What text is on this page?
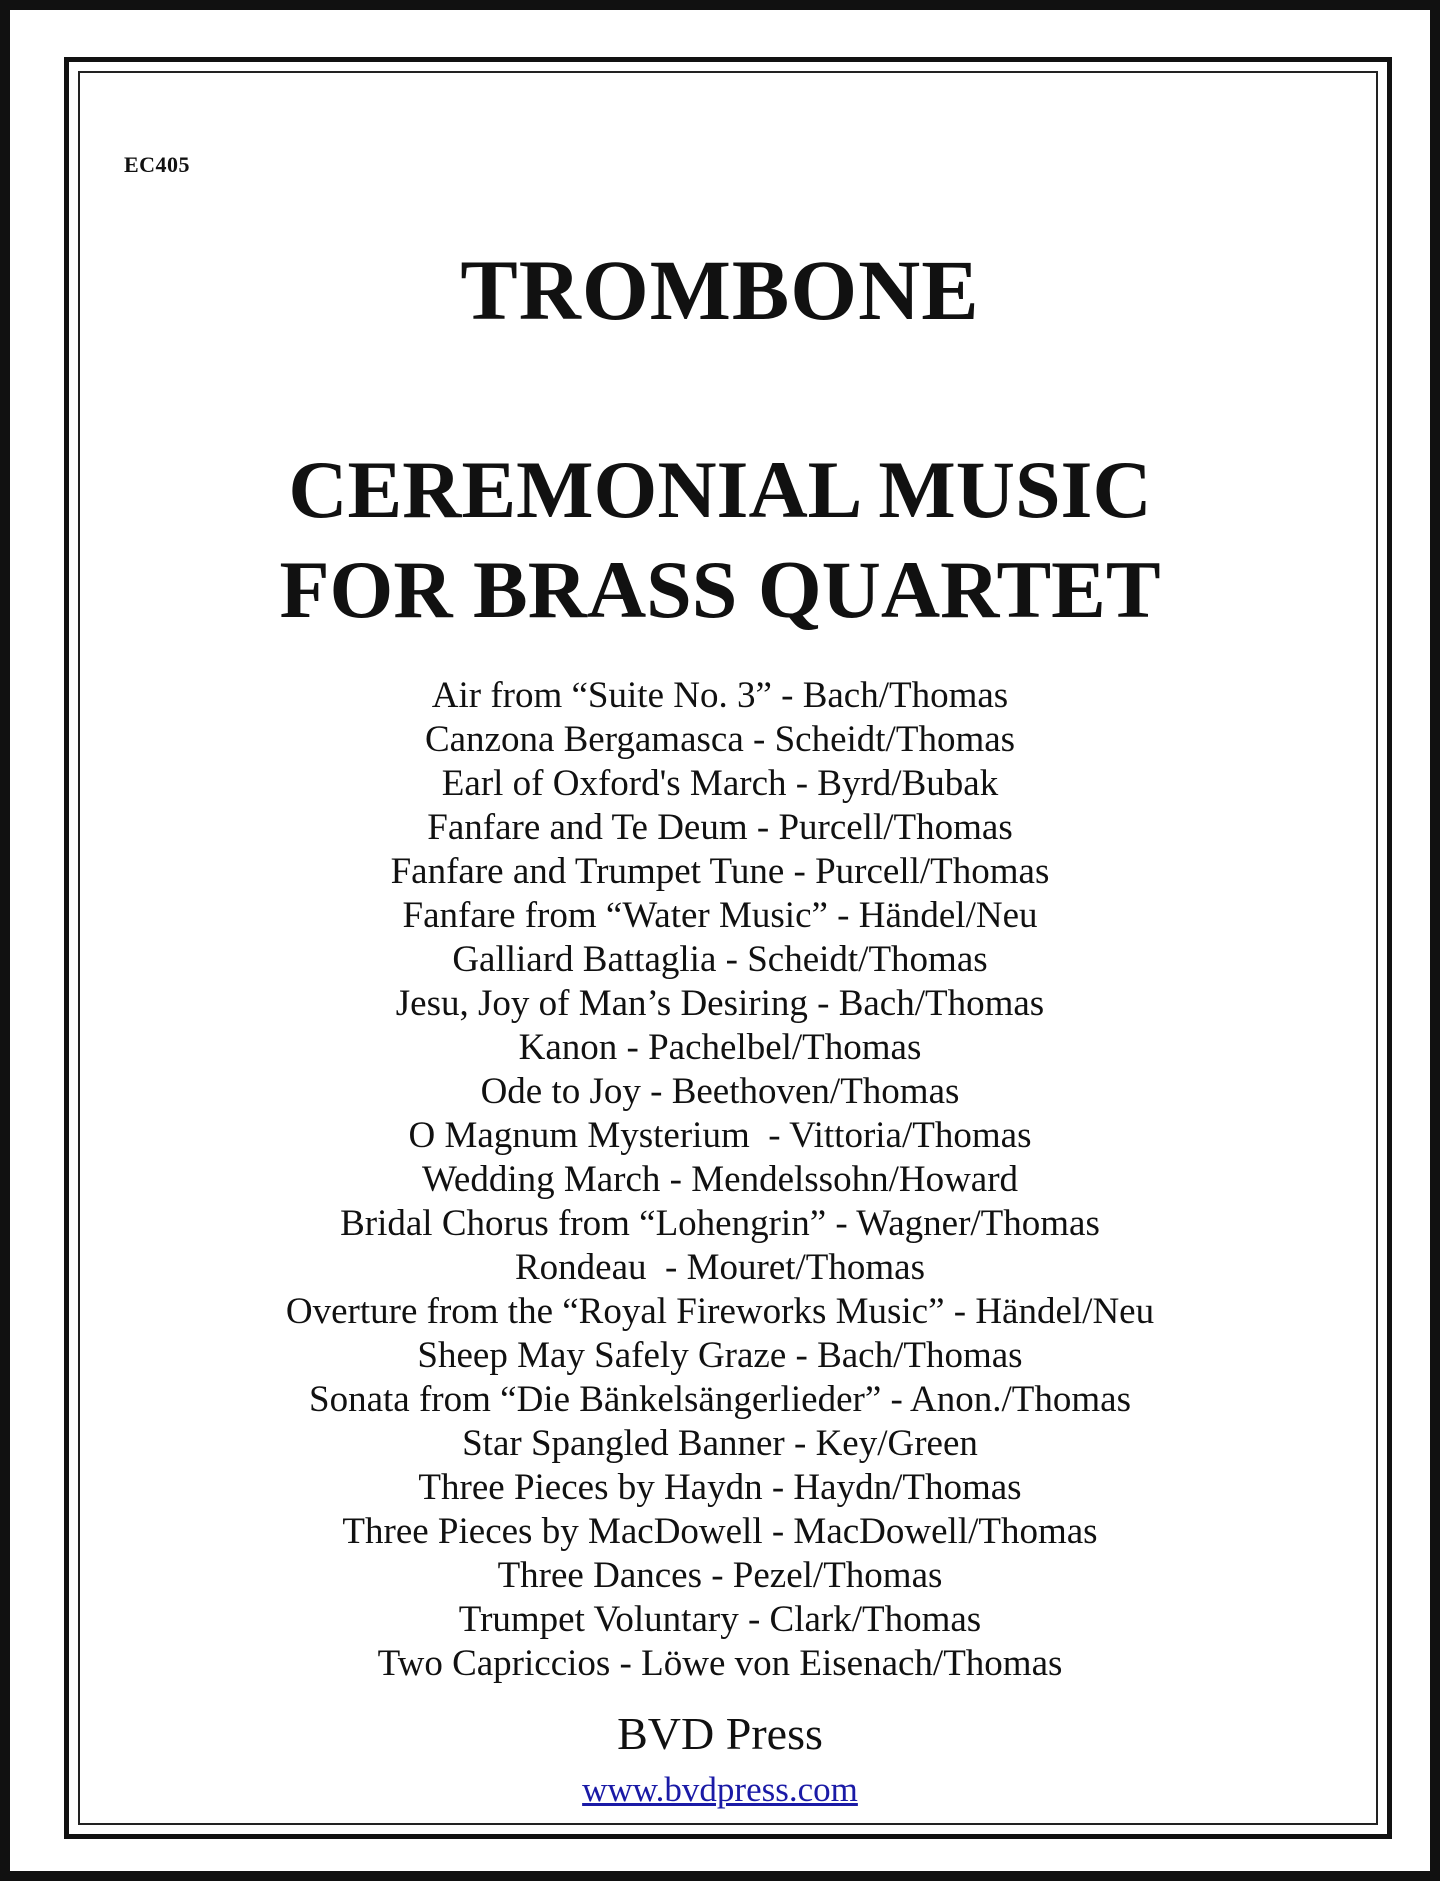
EC405
TROMBONE
CEREMONIAL MUSIC
FOR BRASS QUARTET
Air from “Suite No. 3” - Bach/Thomas
Canzona Bergamasca - Scheidt/Thomas
Earl of Oxford's March - Byrd/Bubak
Fanfare and Te Deum - Purcell/Thomas
Fanfare and Trumpet Tune - Purcell/Thomas
Fanfare from “Water Music” - Händel/Neu
Galliard Battaglia - Scheidt/Thomas
Jesu, Joy of Man’s Desiring - Bach/Thomas
Kanon - Pachelbel/Thomas
Ode to Joy - Beethoven/Thomas
O Magnum Mysterium  - Vittoria/Thomas
Wedding March - Mendelssohn/Howard
Bridal Chorus from “Lohengrin” - Wagner/Thomas
Rondeau  - Mouret/Thomas
Overture from the “Royal Fireworks Music” - Händel/Neu
Sheep May Safely Graze - Bach/Thomas
Sonata from “Die Bänkelsängerlieder” - Anon./Thomas
Star Spangled Banner - Key/Green
Three Pieces by Haydn - Haydn/Thomas
Three Pieces by MacDowell - MacDowell/Thomas
Three Dances - Pezel/Thomas
Trumpet Voluntary - Clark/Thomas
Two Capriccios - Löwe von Eisenach/Thomas
BVD Press
www.bvdpress.com
